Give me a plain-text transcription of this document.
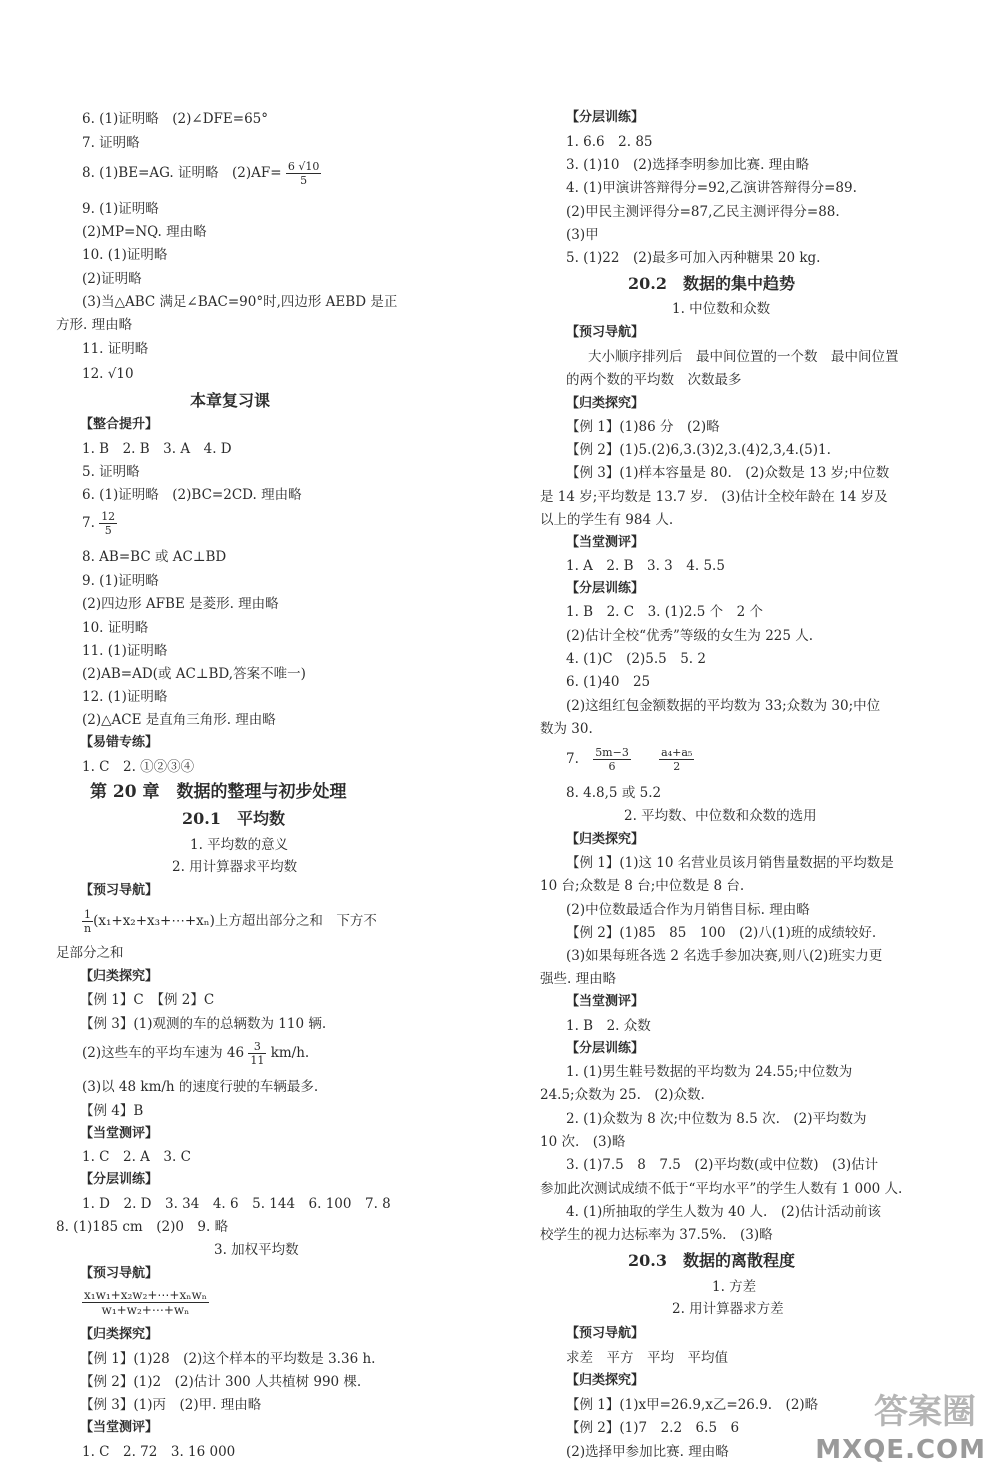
6. (1)证明略　(2)∠DFE=65°
7. 证明略
8. (1)BE=AG. 证明略　$(2)AF= \frac{6 √10}{5}$
9. (1)证明略
(2)MP=NQ. 理由略
10. (1)证明略
(2)证明略
(3)当△ABC 满足∠BAC=90°时,四边形 AEBD 是正
方形. 理由略
11. 证明略
12. √10
本章复习课
【整合提升】
1. B　2. B　3. A　4. D
5. 证明略
6. (1)证明略　(2)BC=2CD. 理由略
7. $\frac{12}{5}$
8. AB=BC 或 AC⊥BD
9. (1)证明略
(2)四边形 AFBE 是菱形. 理由略
10. 证明略
11. (1)证明略
(2)AB=AD(或 AC⊥BD,答案不唯一)
12. (1)证明略
(2)△ACE 是直角三角形. 理由略
【易错专练】
1. C　2. ①②③④
第 20 章　数据的整理与初步处理
20.1　平均数
1. 平均数的意义
2. 用计算器求平均数
【预习导航】
$\frac{1}{n}$ (x₁+x₂+x₃+⋯+xₙ)上方超出部分之和　下方不
足部分之和
【归类探究】
【例 1】C　【例 2】C
【例 3】(1)观测的车的总辆数为 110 辆.
(2)这些车的平均车速为 $46 \frac{3}{11} km/h$.
(3)以 48 km/h 的速度行驶的车辆最多.
【例 4】B
【当堂测评】
1. C　2. A　3. C
【分层训练】
1. D　2. D　3. 34　4. 6　5. 144　6. 100　7. 8
8. (1)185 cm　(2)0　9. 略
3. 加权平均数
【预习导航】
$\frac{\text{x₁w₁+x₂w₂+⋯+xₙwₙ}}{\text{w₁+w₂+⋯+wₙ}}$
【归类探究】
【例 1】(1)28　(2)这个样本的平均数是 3.36 h.
【例 2】(1)2　(2)估计 300 人共植树 990 棵.
【例 3】(1)丙　(2)甲. 理由略
【当堂测评】
1. C　2. 72　3. 16 000
【分层训练】
1. 6.6　2. 85
3. (1)10　(2)选择李明参加比赛. 理由略
4. (1)甲演讲答辩得分=92,乙演讲答辩得分=89.
(2)甲民主测评得分=87,乙民主测评得分=88.
(3)甲
5. (1)22　(2)最多可加入丙种糖果 20 kg.
20.2　数据的集中趋势
1. 中位数和众数
【预习导航】
大小顺序排列后　最中间位置的一个数　最中间位置
的两个数的平均数　次数最多
【归类探究】
【例 1】(1)86 分　(2)略
【例 2】(1)5.(2)6,3.(3)2,3.(4)2,3,4.(5)1.
【例 3】(1)样本容量是 80.　(2)众数是 13 岁;中位数
是 14 岁;平均数是 13.7 岁.　(3)估计全校年龄在 14 岁及
以上的学生有 984 人.
【当堂测评】
1. A　2. B　3. 3　4. 5.5
【分层训练】
1. B　2. C　3. (1)2.5 个　2 个
(2)估计全校“优秀”等级的女生为 225 人.
4. (1)C　(2)5.5　5. 2
6. (1)40　25
(2)这组红包金额数据的平均数为 33;众数为 30;中位
数为 30.
7. $\frac{5m-3}{6}$
	$\frac{\text{a₄+a₅}}{2}$
8. 4.8,5 或 5.2
2. 平均数、中位数和众数的选用
【归类探究】
【例 1】(1)这 10 名营业员该月销售量数据的平均数是
10 台;众数是 8 台;中位数是 8 台.
(2)中位数最适合作为月销售目标. 理由略
【例 2】(1)85　85　100　(2)八(1)班的成绩较好.
(3)如果每班各选 2 名选手参加决赛,则八(2)班实力更
强些. 理由略
【当堂测评】
1. B　2. 众数
【分层训练】
1. (1)男生鞋号数据的平均数为 24.55;中位数为
24.5;众数为 25.　(2)众数.
2. (1)众数为 8 次;中位数为 8.5 次.　(2)平均数为
10 次.　(3)略
3. (1)7.5　8　7.5　(2)平均数(或中位数)　(3)估计
参加此次测试成绩不低于“平均水平”的学生人数有 1 000 人.
4. (1)所抽取的学生人数为 40 人.　(2)估计活动前该
校学生的视力达标率为 37.5%.　(3)略
20.3　数据的离散程度
1. 方差
2. 用计算器求方差
【预习导航】
求差　平方　平均　平均值
【归类探究】
【例 1】(1)x甲=26.9,x乙=26.9.　(2)略
【例 2】(1)7　2.2　6.5　6
(2)选择甲参加比赛. 理由略
答案圈
MXQE.COM
